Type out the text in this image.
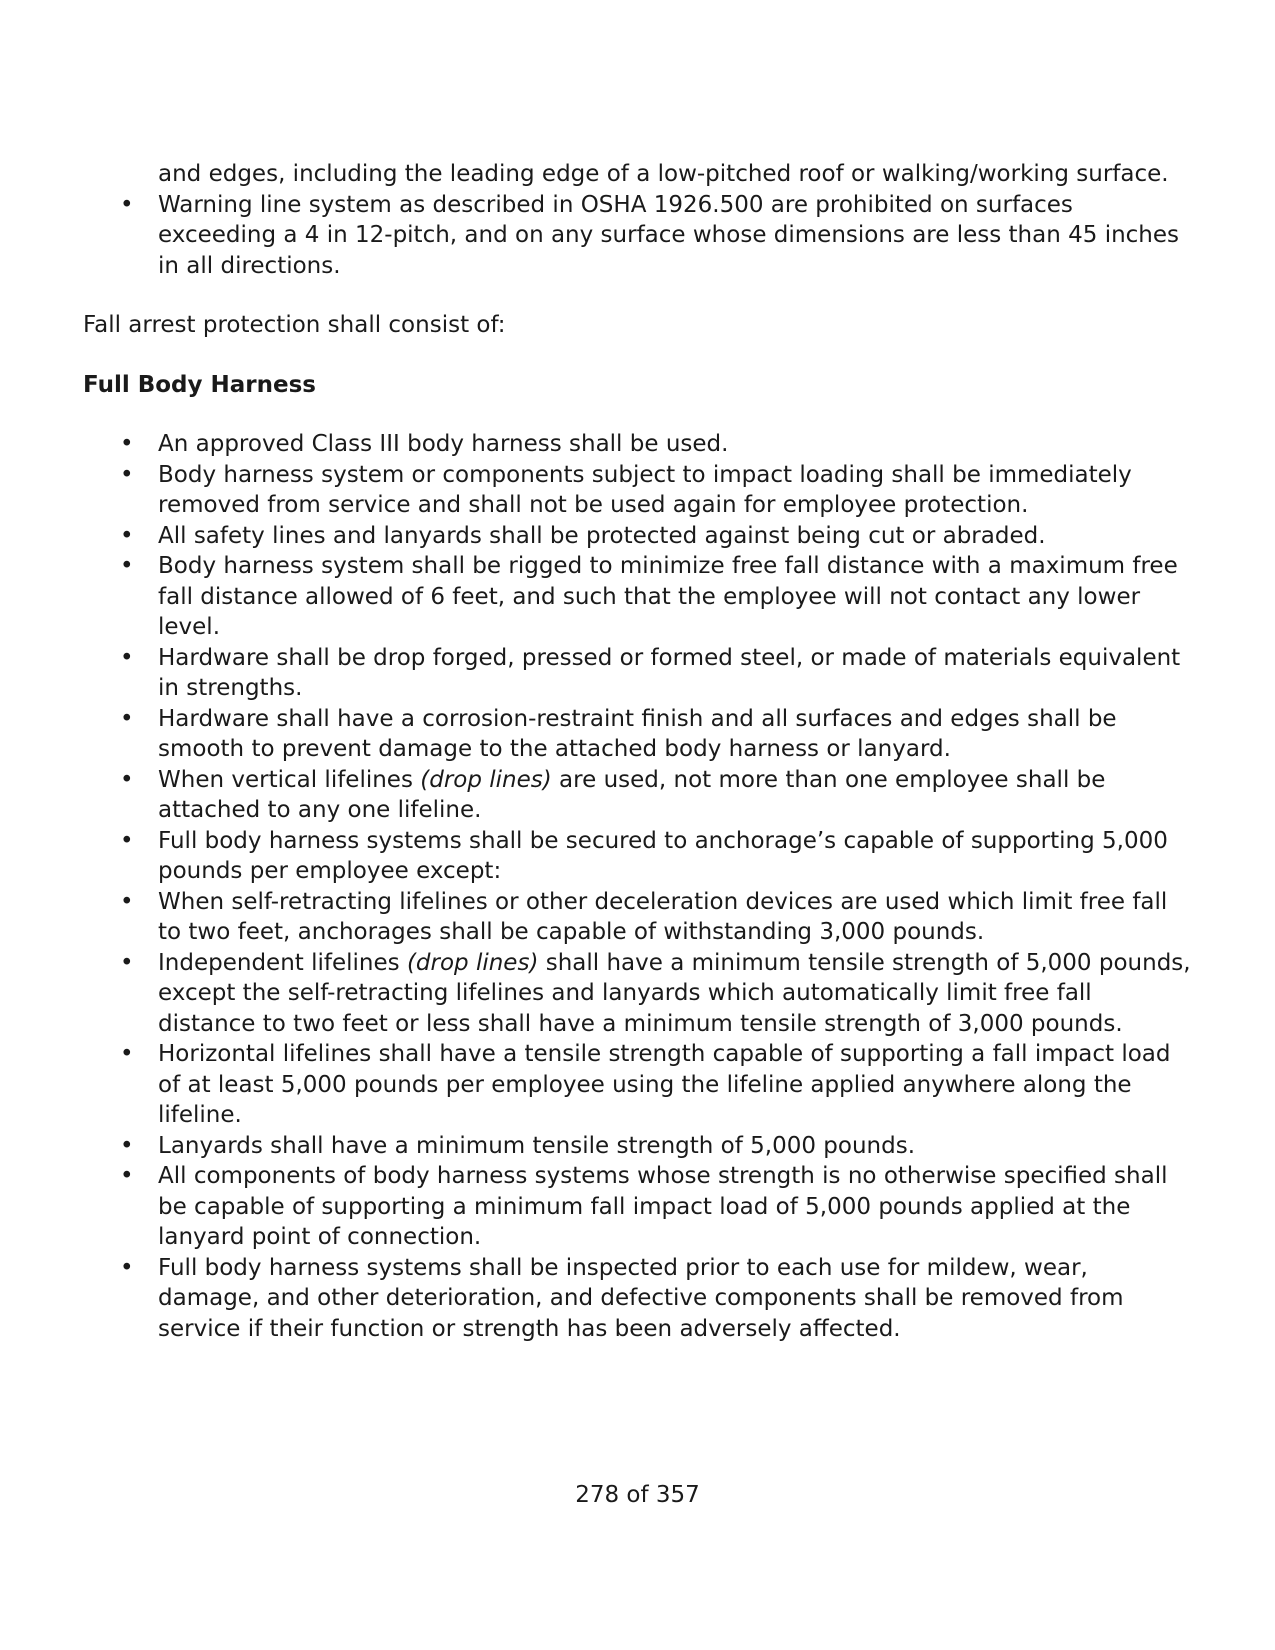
and edges, including the leading edge of a low-pitched roof or walking/working surface.
• Warning line system as described in OSHA 1926.500 are prohibited on surfaces exceeding a 4 in 12-pitch, and on any surface whose dimensions are less than 45 inches in all directions.

Fall arrest protection shall consist of:

Full Body Harness
• An approved Class III body harness shall be used.
• Body harness system or components subject to impact loading shall be immediately removed from service and shall not be used again for employee protection.
• All safety lines and lanyards shall be protected against being cut or abraded.
• Body harness system shall be rigged to minimize free fall distance with a maximum free fall distance allowed of 6 feet, and such that the employee will not contact any lower level.
• Hardware shall be drop forged, pressed or formed steel, or made of materials equivalent in strengths.
• Hardware shall have a corrosion-restraint finish and all surfaces and edges shall be smooth to prevent damage to the attached body harness or lanyard.
• When vertical lifelines (drop lines) are used, not more than one employee shall be attached to any one lifeline.
• Full body harness systems shall be secured to anchorage’s capable of supporting 5,000 pounds per employee except:
• When self-retracting lifelines or other deceleration devices are used which limit free fall to two feet, anchorages shall be capable of withstanding 3,000 pounds.
• Independent lifelines (drop lines) shall have a minimum tensile strength of 5,000 pounds, except the self-retracting lifelines and lanyards which automatically limit free fall distance to two feet or less shall have a minimum tensile strength of 3,000 pounds.
• Horizontal lifelines shall have a tensile strength capable of supporting a fall impact load of at least 5,000 pounds per employee using the lifeline applied anywhere along the lifeline.
• Lanyards shall have a minimum tensile strength of 5,000 pounds.
• All components of body harness systems whose strength is no otherwise specified shall be capable of supporting a minimum fall impact load of 5,000 pounds applied at the lanyard point of connection.
• Full body harness systems shall be inspected prior to each use for mildew, wear, damage, and other deterioration, and defective components shall be removed from service if their function or strength has been adversely affected.
278 of 357
